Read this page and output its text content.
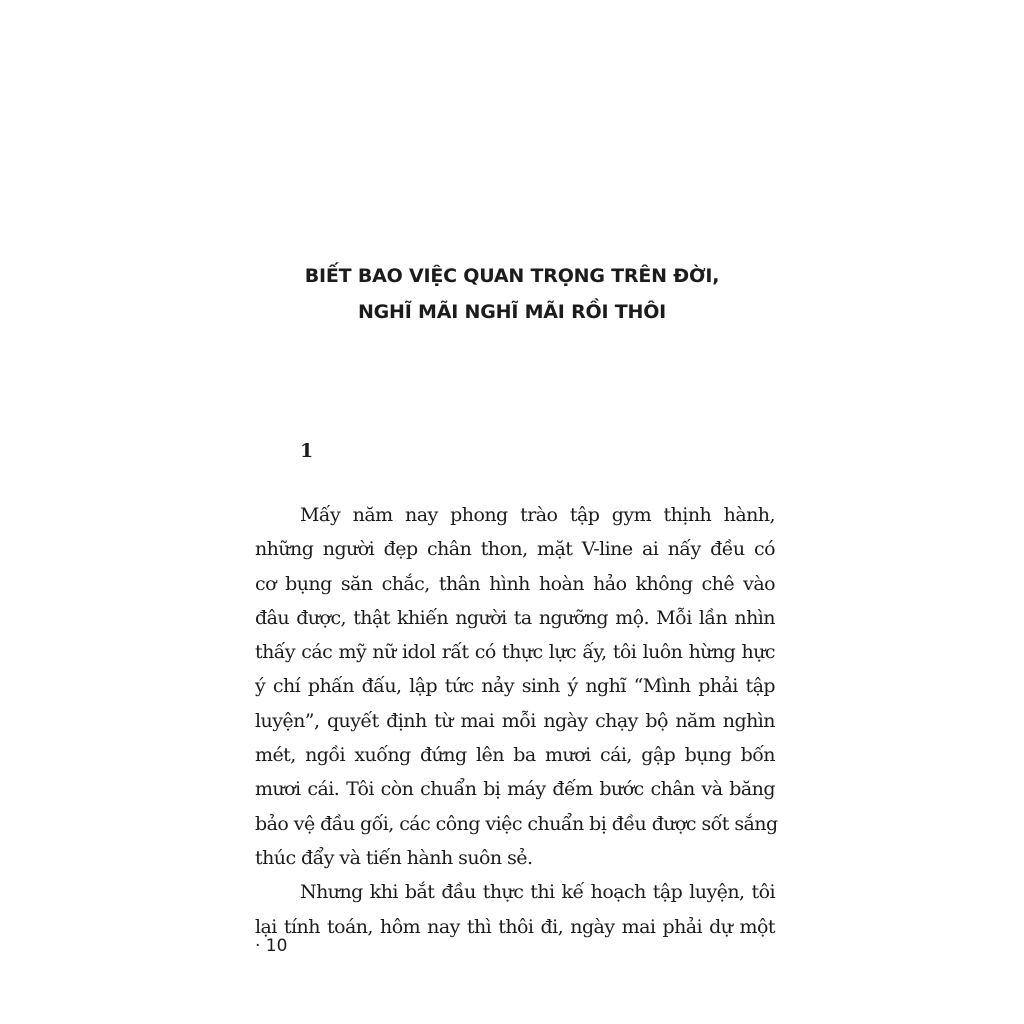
BIẾT BAO VIỆC QUAN TRỌNG TRÊN ĐỜI,
NGHĨ MÃI NGHĨ MÃI RỒI THÔI
1
Mấy năm nay phong trào tập gym thịnh hành,
những người đẹp chân thon, mặt V-line ai nấy đều có
cơ bụng săn chắc, thân hình hoàn hảo không chê vào
đâu được, thật khiến người ta ngưỡng mộ. Mỗi lần nhìn
thấy các mỹ nữ idol rất có thực lực ấy, tôi luôn hừng hực
ý chí phấn đấu, lập tức nảy sinh ý nghĩ “Mình phải tập
luyện”, quyết định từ mai mỗi ngày chạy bộ năm nghìn
mét, ngồi xuống đứng lên ba mươi cái, gập bụng bốn
mươi cái. Tôi còn chuẩn bị máy đếm bước chân và băng
bảo vệ đầu gối, các công việc chuẩn bị đều được sốt sắng
thúc đẩy và tiến hành suôn sẻ.
Nhưng khi bắt đầu thực thi kế hoạch tập luyện, tôi
lại tính toán, hôm nay thì thôi đi, ngày mai phải dự một
· 10
